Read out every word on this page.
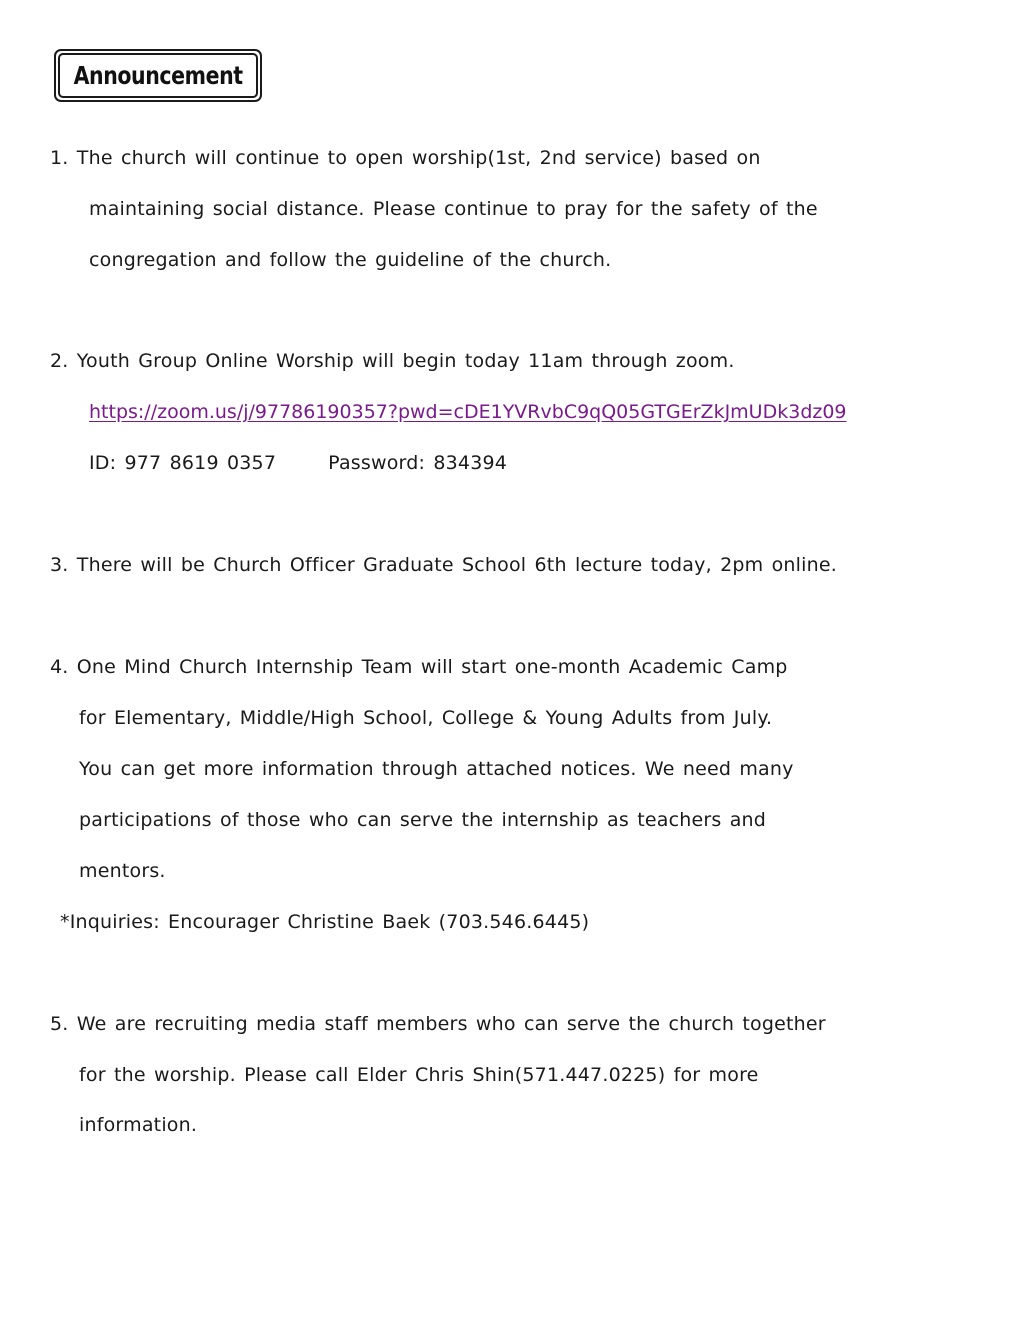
Announcement
1. The church will continue to open worship(1st, 2nd service) based on
maintaining social distance. Please continue to pray for the safety of the
congregation and follow the guideline of the church.
2. Youth Group Online Worship will begin today 11am through zoom.
https://zoom.us/j/97786190357?pwd=cDE1YVRvbC9qQ05GTGErZkJmUDk3dz09
ID: 977 8619 0357	Password: 834394
3. There will be Church Officer Graduate School 6th lecture today, 2pm online.
4. One Mind Church Internship Team will start one-month Academic Camp
for Elementary, Middle/High School, College & Young Adults from July.
You can get more information through attached notices. We need many
participations of those who can serve the internship as teachers and
mentors.
*Inquiries: Encourager Christine Baek (703.546.6445)
5. We are recruiting media staff members who can serve the church together
for the worship. Please call Elder Chris Shin(571.447.0225) for more
information.
